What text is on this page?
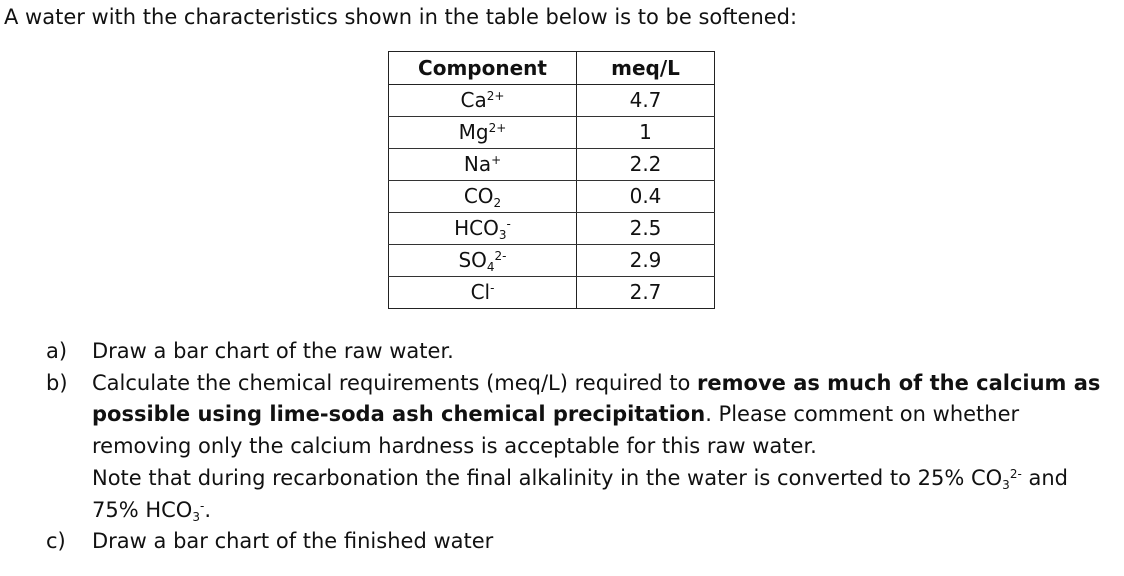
A water with the characteristics shown in the table below is to be softened:
Component	meq/L
$Ca^{2+}$	4.7
$Mg^{2+}$	1
Na+	2.2
$CO_2$	0.4
$HCO_3^-$	2.5
$SO_4^{2-}$	2.9
Cl-	2.7
a)	Draw a bar chart of the raw water.
b)	Calculate the chemical requirements (meq/L) required to remove as much of the calcium as possible using lime-soda ash chemical precipitation. Please comment on whether removing only the calcium hardness is acceptable for this raw water.
Note that during recarbonation the final alkalinity in the water is converted to 25% $CO_3^{2-}$ and 75% $HCO_3^-$.
c)	Draw a bar chart of the finished water
